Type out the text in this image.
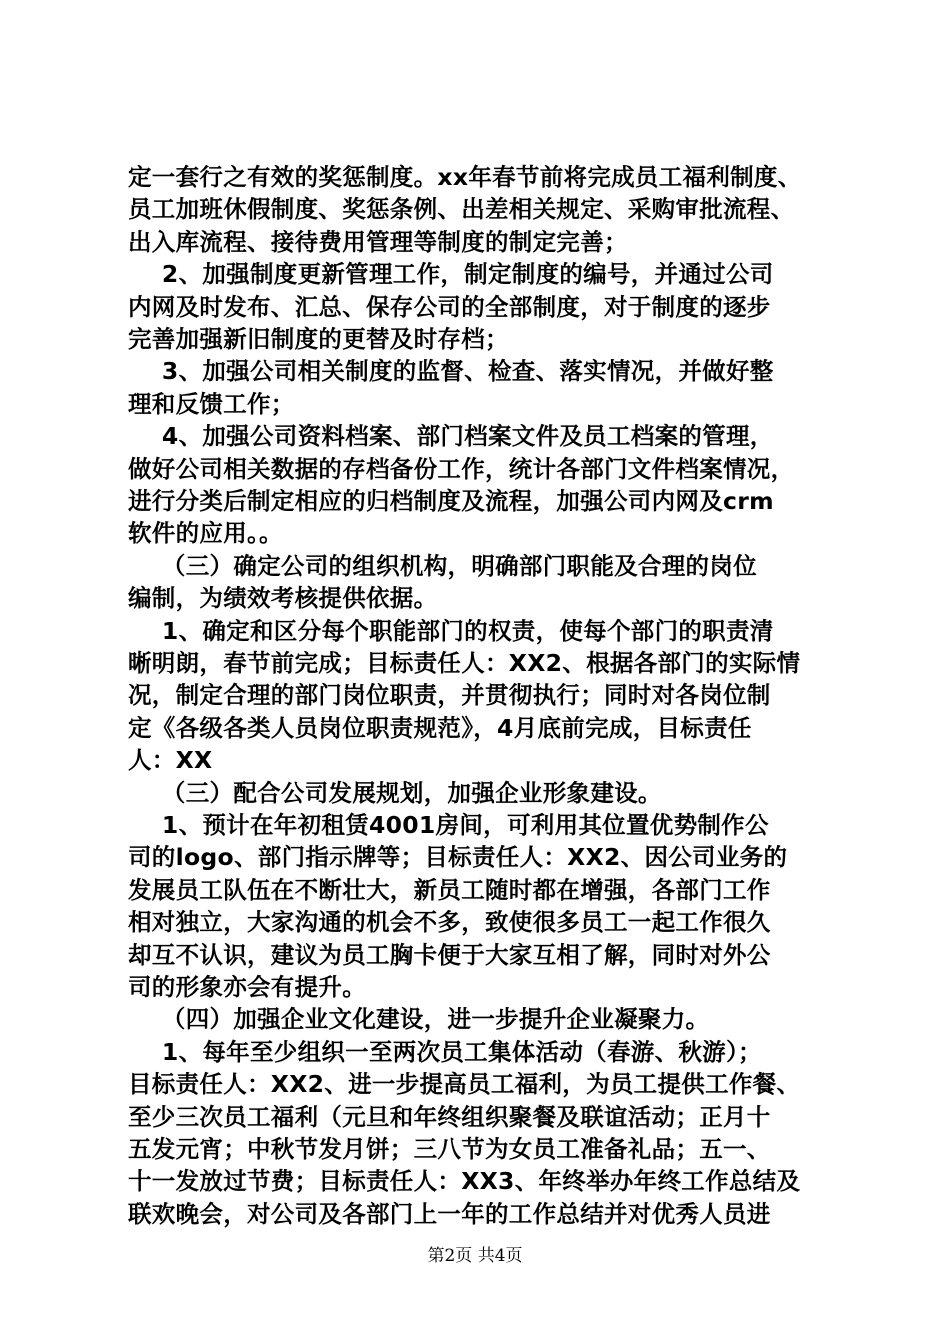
定一套行之有效的奖惩制度。xx年春节前将完成员工福利制度、
员工加班休假制度、奖惩条例、出差相关规定、采购审批流程、
出入库流程、接待费用管理等制度的制定完善；
2、加强制度更新管理工作，制定制度的编号，并通过公司
内网及时发布、汇总、保存公司的全部制度，对于制度的逐步
完善加强新旧制度的更替及时存档；
3、加强公司相关制度的监督、检查、落实情况，并做好整
理和反馈工作；
4、加强公司资料档案、部门档案文件及员工档案的管理，
做好公司相关数据的存档备份工作，统计各部门文件档案情况，
进行分类后制定相应的归档制度及流程，加强公司内网及crm
软件的应用。。
（三）确定公司的组织机构，明确部门职能及合理的岗位
编制，为绩效考核提供依据。
1、确定和区分每个职能部门的权责，使每个部门的职责清
晰明朗，春节前完成；目标责任人：XX2、根据各部门的实际情
况，制定合理的部门岗位职责，并贯彻执行；同时对各岗位制
定《各级各类人员岗位职责规范》，4月底前完成，目标责任
人：XX
（三）配合公司发展规划，加强企业形象建设。
1、预计在年初租赁4001房间，可利用其位置优势制作公
司的logo、部门指示牌等；目标责任人：XX2、因公司业务的
发展员工队伍在不断壮大，新员工随时都在增强，各部门工作
相对独立，大家沟通的机会不多，致使很多员工一起工作很久
却互不认识，建议为员工胸卡便于大家互相了解，同时对外公
司的形象亦会有提升。
（四）加强企业文化建设，进一步提升企业凝聚力。
1、每年至少组织一至两次员工集体活动（春游、秋游）；
目标责任人：XX2、进一步提高员工福利，为员工提供工作餐、
至少三次员工福利（元旦和年终组织聚餐及联谊活动；正月十
五发元宵；中秋节发月饼；三八节为女员工准备礼品；五一、
十一发放过节费；目标责任人：XX3、年终举办年终工作总结及
联欢晚会，对公司及各部门上一年的工作总结并对优秀人员进
第2页 共4页
